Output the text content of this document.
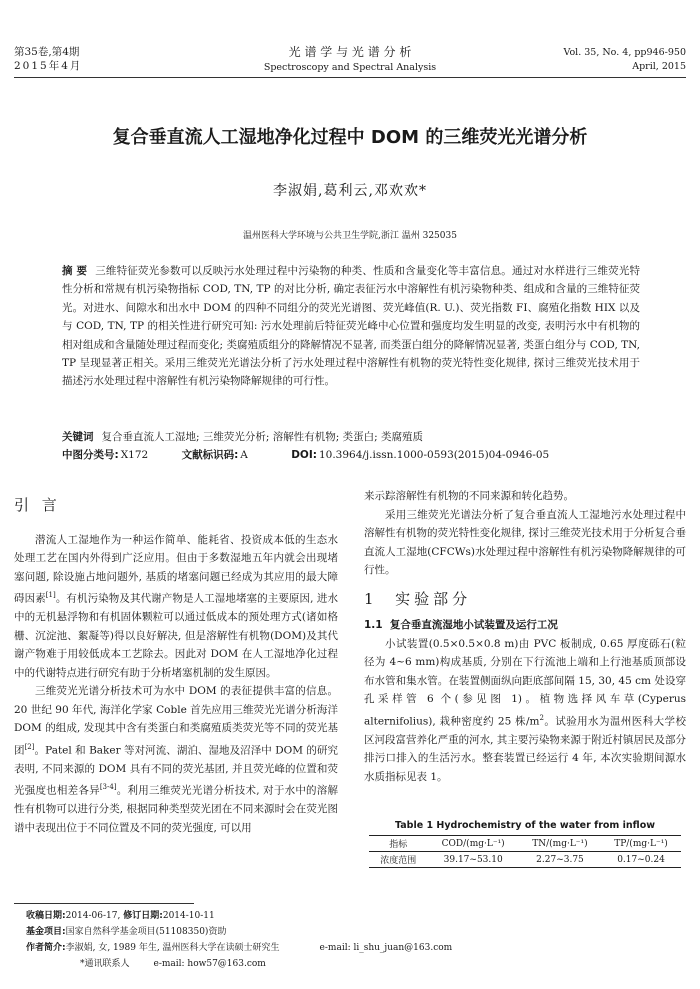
第35卷,第4期
2015年4月
光 谱 学 与 光 谱 分 析
Spectroscopy and Spectral Analysis
Vol. 35, No. 4, pp946-950
April, 2015
复合垂直流人工湿地净化过程中 DOM 的三维荧光光谱分析
李淑娟,葛利云,邓欢欢*
温州医科大学环境与公共卫生学院,浙江 温州 325035
摘 要 三维特征荧光参数可以反映污水处理过程中污染物的种类、性质和含量变化等丰富信息。通过对水样进行三维荧光特性分析和常规有机污染物指标 COD, TN, TP 的对比分析, 确定表征污水中溶解性有机污染物种类、组成和含量的三维特征荧光。对进水、间隙水和出水中 DOM 的四种不同组分的荧光光谱图、荧光峰值(R. U.)、荧光指数 FI、腐殖化指数 HIX 以及与 COD, TN, TP 的相关性进行研究可知: 污水处理前后特征荧光峰中心位置和强度均发生明显的改变, 表明污水中有机物的相对组成和含量随处理过程而变化; 类腐殖质组分的降解情况不显著, 而类蛋白组分的降解情况显著, 类蛋白组分与 COD, TN, TP 呈现显著正相关。采用三维荧光光谱法分析了污水处理过程中溶解性有机物的荧光特性变化规律, 探讨三维荧光技术用于描述污水处理过程中溶解性有机污染物降解规律的可行性。
关键词 复合垂直流人工湿地; 三维荧光分析; 溶解性有机物; 类蛋白; 类腐殖质
中图分类号: X172	文献标识码: A	DOI: 10.3964/j.issn.1000-0593(2015)04-0946-05
引 言

潜流人工湿地作为一种运作简单、能耗省、投资成本低的生态水处理工艺在国内外得到广泛应用。但由于多数湿地五年内就会出现堵塞问题, 除设施占地问题外, 基质的堵塞问题已经成为其应用的最大障碍因素[1]。有机污染物及其代谢产物是人工湿地堵塞的主要原因, 进水中的无机悬浮物和有机固体颗粒可以通过低成本的预处理方式(诸如格栅、沉淀池、絮凝等)得以良好解决, 但是溶解性有机物(DOM)及其代谢产物难于用较低成本工艺除去。因此对 DOM 在人工湿地净化过程中的代谢特点进行研究有助于分析堵塞机制的发生原因。

三维荧光光谱分析技术可为水中 DOM 的表征提供丰富的信息。20 世纪 90 年代, 海洋化学家 Coble 首先应用三维荧光光谱分析海洋 DOM 的组成, 发现其中含有类蛋白和类腐殖质类荧光等不同的荧光基团[2]。Patel 和 Baker 等对河流、湖泊、湿地及沼泽中 DOM 的研究表明, 不同来源的 DOM 具有不同的荧光基团, 并且荧光峰的位置和荧光强度也相差各异[3-4]。利用三维荧光光谱分析技术, 对于水中的溶解性有机物可以进行分类, 根据同种类型荧光团在不同来源时会在荧光图谱中表现出位于不同位置及不同的荧光强度, 可以用

来示踪溶解性有机物的不同来源和转化趋势。

采用三维荧光光谱法分析了复合垂直流人工湿地污水处理过程中溶解性有机物的荧光特性变化规律, 探讨三维荧光技术用于分析复合垂直流人工湿地(CFCWs)水处理过程中溶解性有机污染物降解规律的可行性。

1 实验部分
1.1 复合垂直流湿地小试装置及运行工况

小试装置(0.5×0.5×0.8 m)由 PVC 板制成, 0.65 厚度砾石(粒径为 4~6 mm)构成基质, 分别在下行流池上端和上行池基质顶部设布水管和集水管。在装置侧面纵向距底部间隔 15, 30, 45 cm 处设穿孔采样管 6 个(参见图 1)。植物选择风车草(Cyperus alternifolius), 栽种密度约 25 株$/m^2$。试验用水为温州医科大学校区河段富营养化严重的河水, 其主要污染物来源于附近村镇居民及部分排污口排入的生活污水。整套装置已经运行 4 年, 本次实验期间源水水质指标见表 1。

Table 1 Hydrochemistry of the water from inflow
指标	COD/(mg·L⁻¹)	TN/(mg·L⁻¹)	TP/(mg·L⁻¹)
浓度范围	39.17~53.10	2.27~3.75	0.17~0.24
收稿日期:2014-06-17, 修订日期:2014-10-11
基金项目:国家自然科学基金项目(51108350)资助
作者简介:李淑娟, 女, 1989 年生, 温州医科大学在读硕士研究生	e-mail: li_shu_juan@163.com
*通讯联系人	e-mail: how57@163.com
